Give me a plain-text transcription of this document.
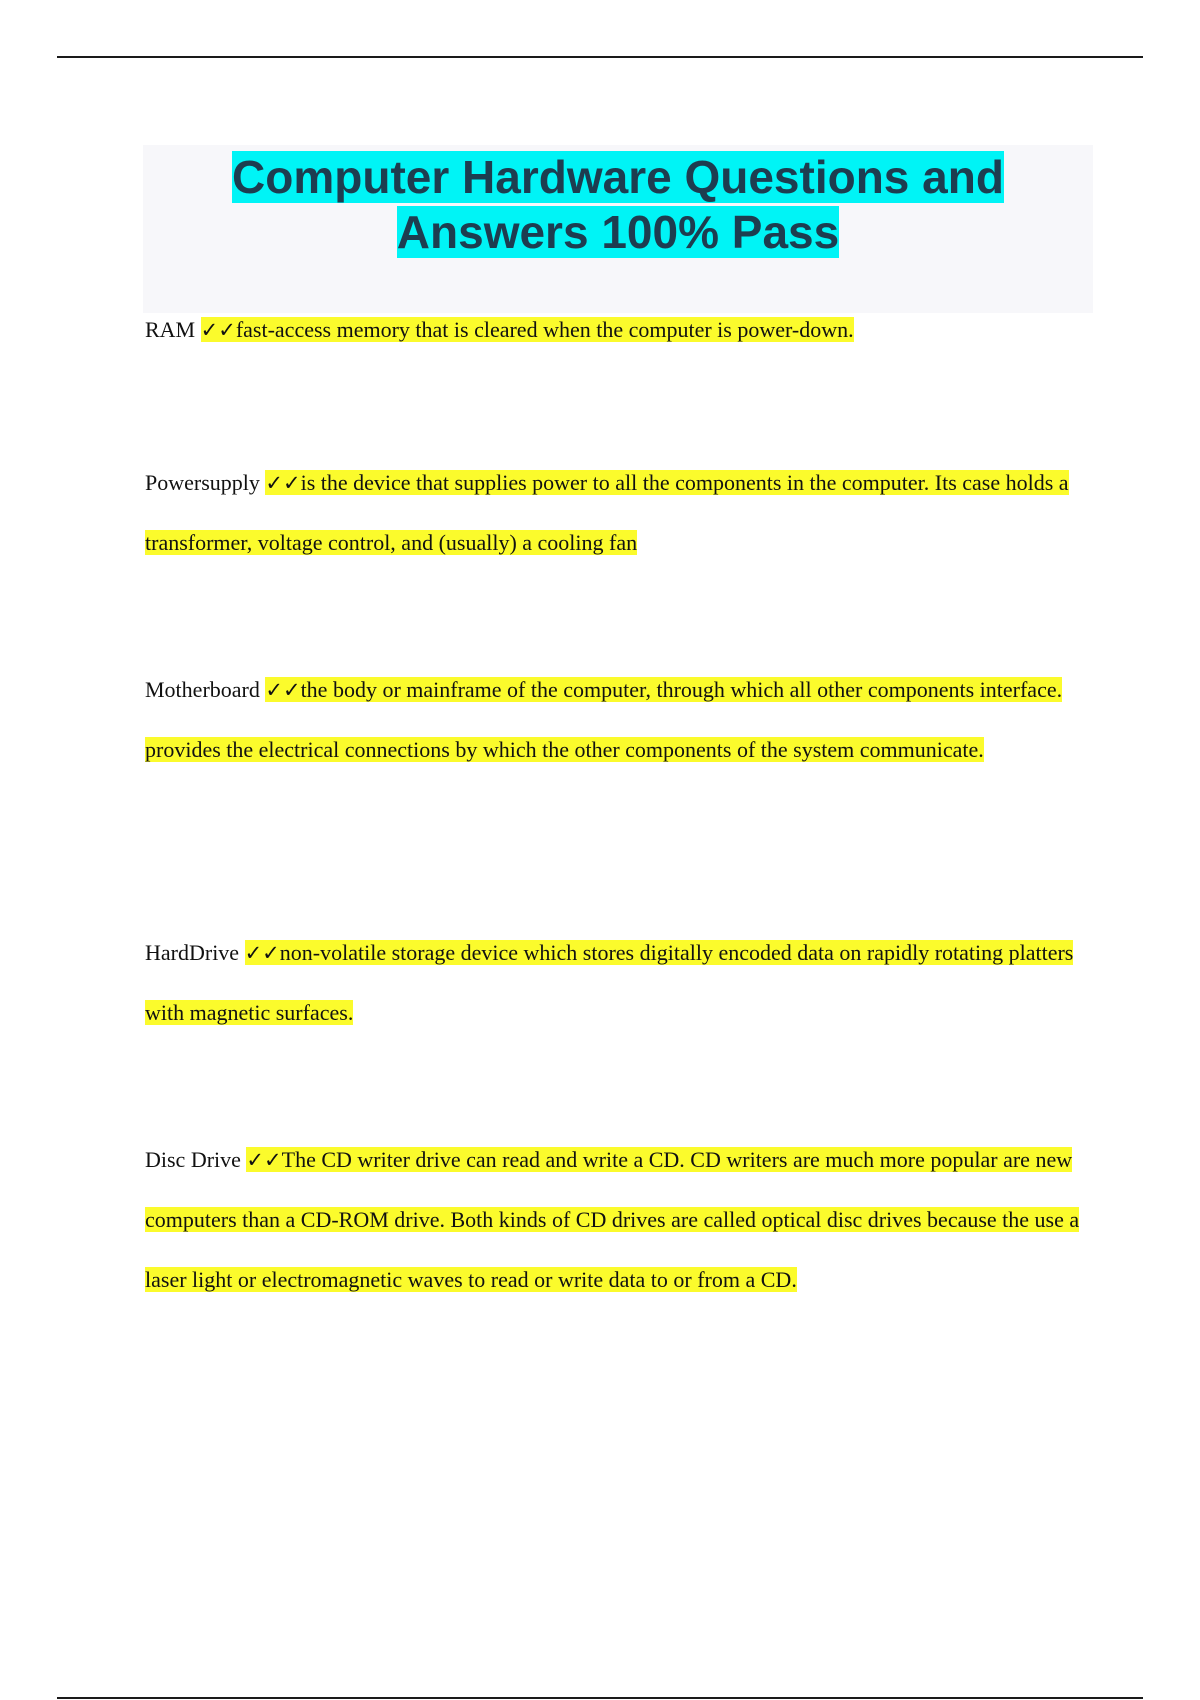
Computer Hardware Questions and
Answers 100% Pass

RAM ✓✓fast-access memory that is cleared when the computer is power-down.

Powersupply ✓✓is the device that supplies power to all the components in the computer. Its case holds a transformer, voltage control, and (usually) a cooling fan

Motherboard ✓✓the body or mainframe of the computer, through which all other components interface. provides the electrical connections by which the other components of the system communicate.

HardDrive ✓✓non-volatile storage device which stores digitally encoded data on rapidly rotating platters with magnetic surfaces.

Disc Drive ✓✓The CD writer drive can read and write a CD. CD writers are much more popular are new computers than a CD-ROM drive. Both kinds of CD drives are called optical disc drives because the use a laser light or electromagnetic waves to read or write data to or from a CD.
